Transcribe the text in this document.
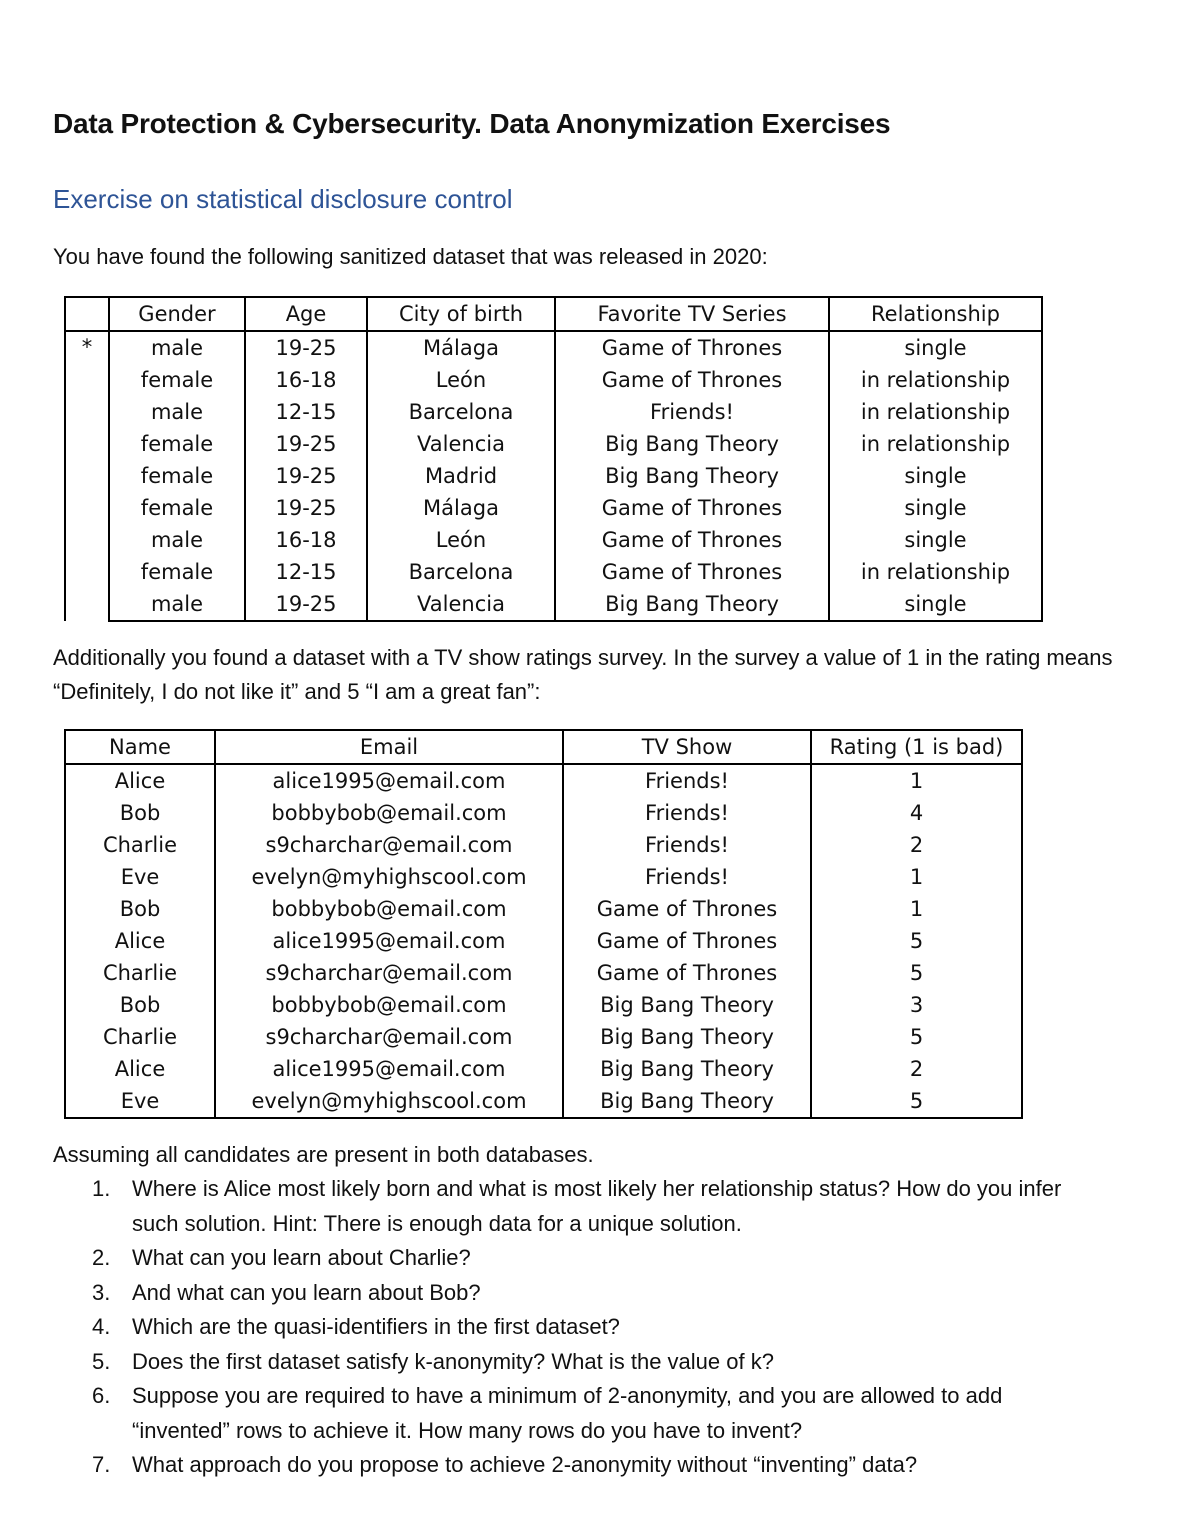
Data Protection & Cybersecurity. Data Anonymization Exercises
Exercise on statistical disclosure control

You have found the following sanitized dataset that was released in 2020:

	Gender	Age	City of birth	Favorite TV Series	Relationship
*	male	19-25	Málaga	Game of Thrones	single
	female	16-18	León	Game of Thrones	in relationship
	male	12-15	Barcelona	Friends!	in relationship
	female	19-25	Valencia	Big Bang Theory	in relationship
	female	19-25	Madrid	Big Bang Theory	single
	female	19-25	Málaga	Game of Thrones	single
	male	16-18	León	Game of Thrones	single
	female	12-15	Barcelona	Game of Thrones	in relationship
	male	19-25	Valencia	Big Bang Theory	single

Additionally you found a dataset with a TV show ratings survey. In the survey a value of 1 in the rating means “Definitely, I do not like it” and 5 “I am a great fan”:

Name	Email	TV Show	Rating (1 is bad)
Alice	alice1995@email.com	Friends!	1
Bob	bobbybob@email.com	Friends!	4
Charlie	s9charchar@email.com	Friends!	2
Eve	evelyn@myhighscool.com	Friends!	1
Bob	bobbybob@email.com	Game of Thrones	1
Alice	alice1995@email.com	Game of Thrones	5
Charlie	s9charchar@email.com	Game of Thrones	5
Bob	bobbybob@email.com	Big Bang Theory	3
Charlie	s9charchar@email.com	Big Bang Theory	5
Alice	alice1995@email.com	Big Bang Theory	2
Eve	evelyn@myhighscool.com	Big Bang Theory	5

Assuming all candidates are present in both databases.

1. Where is Alice most likely born and what is most likely her relationship status? How do you infer such solution. Hint: There is enough data for a unique solution.
2. What can you learn about Charlie?
3. And what can you learn about Bob?
4. Which are the quasi-identifiers in the first dataset?
5. Does the first dataset satisfy k-anonymity? What is the value of k?
6. Suppose you are required to have a minimum of 2-anonymity, and you are allowed to add “invented” rows to achieve it. How many rows do you have to invent?
7. What approach do you propose to achieve 2-anonymity without “inventing” data?
